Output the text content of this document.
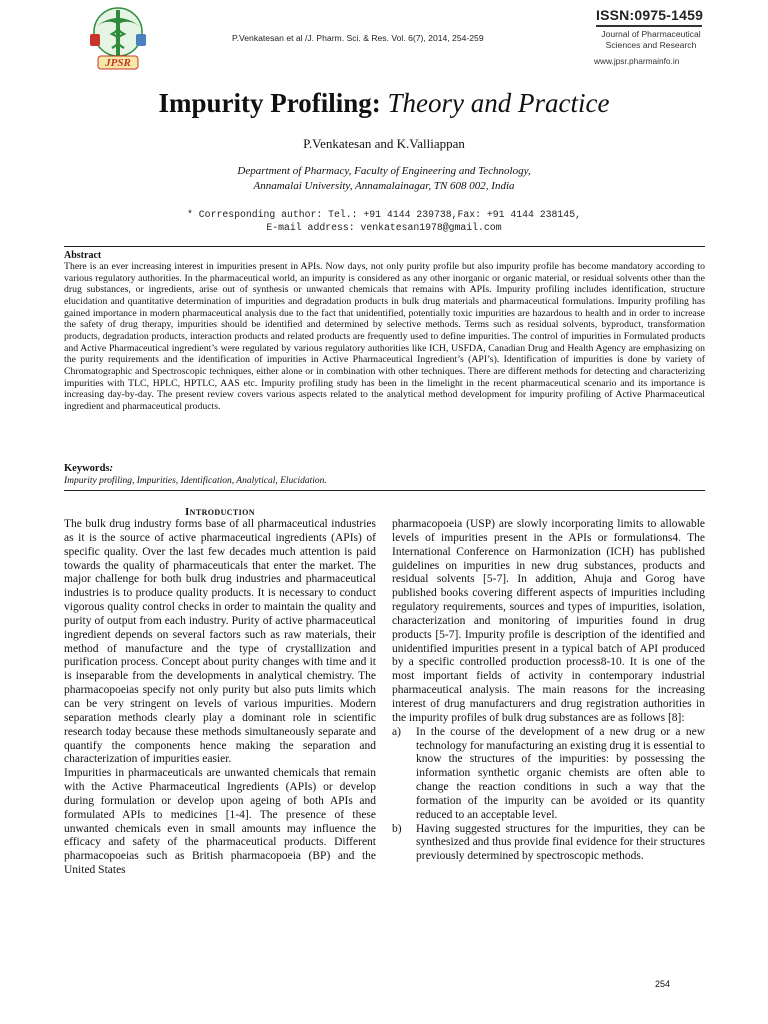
JPSR
P.Venkatesan et al /J. Pharm. Sci. & Res. Vol. 6(7), 2014, 254-259
ISSN:0975-1459
Journal of Pharmaceutical
Sciences and Research
www.jpsr.pharmainfo.in
Impurity Profiling: Theory and Practice
P.Venkatesan and K.Valliappan
Department of Pharmacy, Faculty of Engineering and Technology,
Annamalai University, Annamalainagar, TN 608 002, India
* Corresponding author: Tel.: +91 4144 239738,Fax: +91 4144 238145,
E-mail address: venkatesan1978@gmail.com
Abstract
There is an ever increasing interest in impurities present in APIs. Now days, not only purity profile but also impurity profile has become mandatory according to various regulatory authorities. In the pharmaceutical world, an impurity is considered as any other inorganic or organic material, or residual solvents other than the drug substances, or ingredients, arise out of synthesis or unwanted chemicals that remains with APIs. Impurity profiling includes identification, structure elucidation and quantitative determination of impurities and degradation products in bulk drug materials and pharmaceutical formulations. Impurity profiling has gained importance in modern pharmaceutical analysis due to the fact that unidentified, potentially toxic impurities are hazardous to health and in order to increase the safety of drug therapy, impurities should be identified and determined by selective methods. Terms such as residual solvents, byproduct, transformation products, degradation products, interaction products and related products are frequently used to define impurities. The control of impurities in Formulated products and Active Pharmaceutical ingredient’s were regulated by various regulatory authorities like ICH, USFDA, Canadian Drug and Health Agency are emphasizing on the purity requirements and the identification of impurities in Active Pharmaceutical Ingredient’s (API’s). Identification of impurities is done by variety of Chromatographic and Spectroscopic techniques, either alone or in combination with other techniques. There are different methods for detecting and characterizing impurities with TLC, HPLC, HPTLC, AAS etc. Impurity profiling study has been in the limelight in the recent pharmaceutical scenario and its importance is increasing day-by-day. The present review covers various aspects related to the analytical method development for impurity profiling of Active Pharmaceutical ingredient and pharmaceutical products.
Keywords:
Impurity profiling, Impurities, Identification, Analytical, Elucidation.
Introduction

The bulk drug industry forms base of all pharmaceutical industries as it is the source of active pharmaceutical ingredients (APIs) of specific quality. Over the last few decades much attention is paid towards the quality of pharmaceuticals that enter the market. The major challenge for both bulk drug industries and pharmaceutical industries is to produce quality products. It is necessary to conduct vigorous quality control checks in order to maintain the quality and purity of output from each industry. Purity of active pharmaceutical ingredient depends on several factors such as raw materials, their method of manufacture and the type of crystallization and purification process. Concept about purity changes with time and it is inseparable from the developments in analytical chemistry. The pharmacopoeias specify not only purity but also puts limits which can be very stringent on levels of various impurities. Modern separation methods clearly play a dominant role in scientific research today because these methods simultaneously separate and quantify the components hence making the separation and characterization of impurities easier.

Impurities in pharmaceuticals are unwanted chemicals that remain with the Active Pharmaceutical Ingredients (APIs) or develop during formulation or develop upon ageing of both APIs and formulated APIs to medicines [1-4]. The presence of these unwanted chemicals even in small amounts may influence the efficacy and safety of the pharmaceutical products. Different pharmacopoeias such as British pharmacopoeia (BP) and the United States

pharmacopoeia (USP) are slowly incorporating limits to allowable levels of impurities present in the APIs or formulations4. The International Conference on Harmonization (ICH) has published guidelines on impurities in new drug substances, products and residual solvents [5-7]. In addition, Ahuja and Gorog have published books covering different aspects of impurities including regulatory requirements, sources and types of impurities, isolation, characterization and monitoring of impurities found in drug products [5-7]. Impurity profile is description of the identified and unidentified impurities present in a typical batch of API produced by a specific controlled production process8-10. It is one of the most important fields of activity in contemporary industrial pharmaceutical analysis. The main reasons for the increasing interest of drug manufacturers and drug registration authorities in the impurity profiles of bulk drug substances are as follows [8]:

a)	In the course of the development of a new drug or a new technology for manufacturing an existing drug it is essential to know the structures of the impurities: by possessing the information synthetic organic chemists are often able to change the reaction conditions in such a way that the formation of the impurity can be avoided or its quantity reduced to an acceptable level.
b)	Having suggested structures for the impurities, they can be synthesized and thus provide final evidence for their structures previously determined by spectroscopic methods.
254
